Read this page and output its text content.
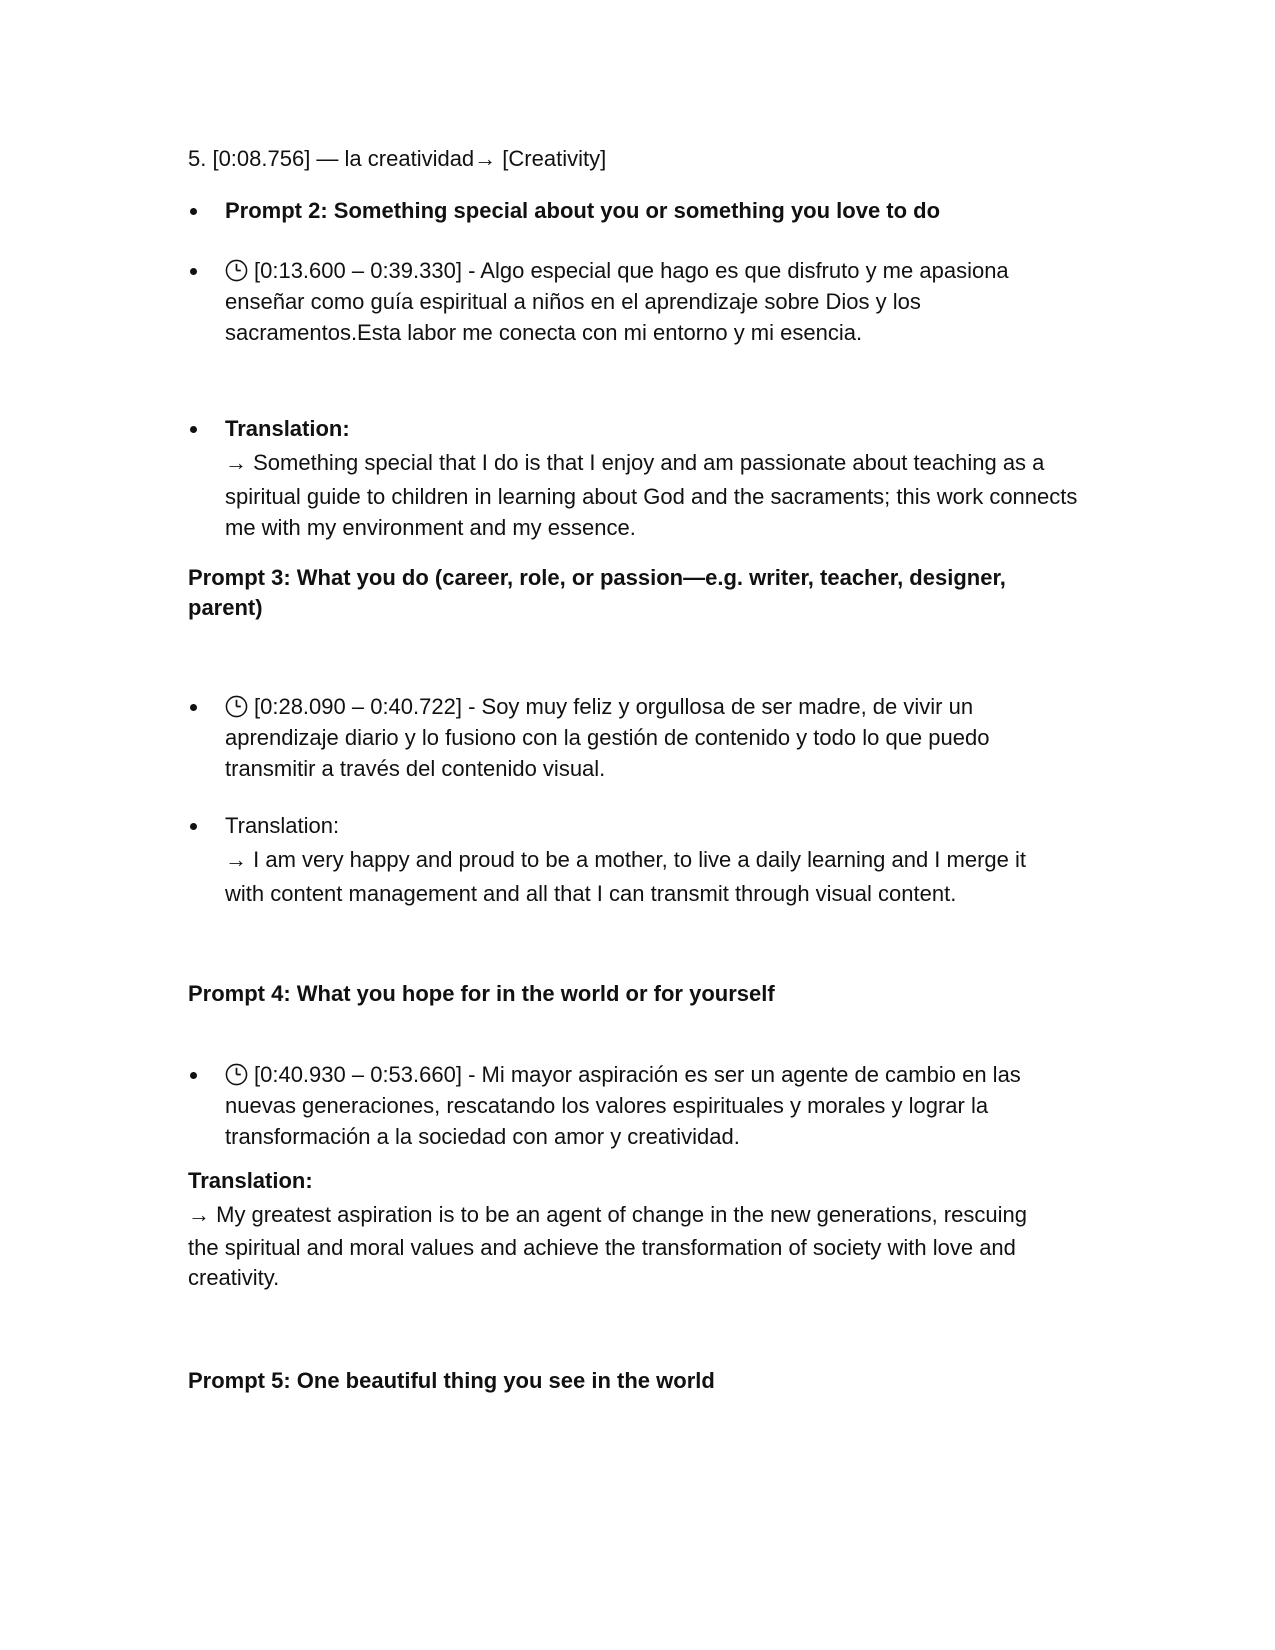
5. [0:08.756] — la creatividad→ [Creativity]

Prompt 2: Something special about you or something you love to do
[0:13.600 – 0:39.330] - Algo especial que hago es que disfruto y me apasiona enseñar como guía espiritual a niños en el aprendizaje sobre Dios y los sacramentos.Esta labor me conecta con mi entorno y mi esencia.
Translation:
→ Something special that I do is that I enjoy and am passionate about teaching as a
spiritual guide to children in learning about God and the sacraments; this work connects me with my environment and my essence.

Prompt 3: What you do (career, role, or passion—e.g. writer, teacher, designer, parent)

[0:28.090 – 0:40.722] - Soy muy feliz y orgullosa de ser madre, de vivir un aprendizaje diario y lo fusiono con la gestión de contenido y todo lo que puedo transmitir a través del contenido visual.
Translation:
→ I am very happy and proud to be a mother, to live a daily learning and I merge it
with content management and all that I can transmit through visual content.

Prompt 4: What you hope for in the world or for yourself

[0:40.930 – 0:53.660] - Mi mayor aspiración es ser un agente de cambio en las nuevas generaciones, rescatando los valores espirituales y morales y lograr la transformación a la sociedad con amor y creatividad.
Translation:
→ My greatest aspiration is to be an agent of change in the new generations, rescuing
the spiritual and moral values and achieve the transformation of society with love and creativity.

Prompt 5: One beautiful thing you see in the world
